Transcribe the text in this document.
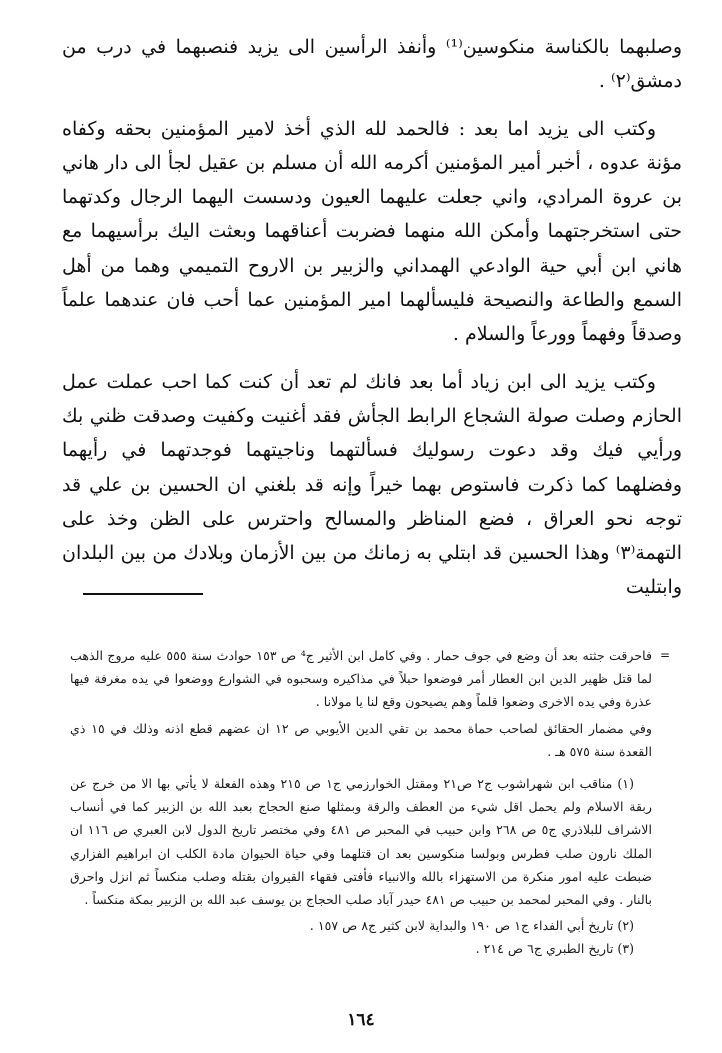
وصلبهما بالكناسة منكوسين⁽¹⁾ وأنفذ الرأسين الى يزيد فنصبهما في درب من دمشق⁽٢⁾ .

وكتب الى يزيد اما بعد : فالحمد لله الذي أخذ لامير المؤمنين بحقه وكفاه مؤنة عدوه ، أخبر أمير المؤمنين أكرمه الله أن مسلم بن عقيل لجأ الى دار هاني بن عروة المرادي، واني جعلت عليهما العيون ودسست اليهما الرجال وكدتهما حتى استخرجتهما وأمكن الله منهما فضربت أعناقهما وبعثت اليك برأسيهما مع هاني ابن أبي حية الوادعي الهمداني والزبير بن الاروح التميمي وهما من أهل السمع والطاعة والنصيحة فليسألهما امير المؤمنين عما أحب فان عندهما علماً وصدقاً وفهماً وورعاً والسلام .

وكتب يزيد الى ابن زياد أما بعد فانك لم تعد أن كنت كما احب عملت عمل الحازم وصلت صولة الشجاع الرابط الجأش فقد أغنيت وكفيت وصدقت ظني بك ورأيي فيك وقد دعوت رسوليك فسألتهما وناجيتهما فوجدتهما في رأيهما وفضلهما كما ذكرت فاستوص بهما خيراً وإنه قد بلغني ان الحسين بن علي قد توجه نحو العراق ، فضع المناظر والمسالح واحترس على الظن وخذ على التهمة⁽٣⁾ وهذا الحسين قد ابتلي به زمانك من بين الأزمان وبلادك من بين البلدان وابتليت

=
فاحرقت جثته بعد أن وضع في جوف حمار . وفي كامل ابن الأثير ج⁴ ص ١٥٣ حوادث سنة ٥٥٥ عليه مروج الذهب لما قتل ظهير الدين ابن العطار أمر فوضعوا حبلاً في مذاكيره وسحبوه في الشوارع ووضعوا في يده مغرفة فيها عذرة وفي يده الاخرى وضعوا قلماً وهم يصيحون وقع لنا يا مولانا .

وفي مضمار الحقائق لصاحب حماة محمد بن تقي الدين الأيوبي ص ١٢ ان عضهم قطع اذنه وذلك في ١٥ ذي القعدة سنة ٥٧٥ هـ .

(١) مناقب ابن شهراشوب ج٢ ص٢١ ومقتل الخوارزمي ج١ ص ٢١٥ وهذه الفعلة لا يأتي بها الا من خرج عن ربقة الاسلام ولم يحمل اقل شيء من العطف والرقة وبمثلها صنع الحجاج بعبد الله بن الزبير كما في أنساب الاشراف للبلاذري ج٥ ص ٢٦٨ وابن حبيب في المحبر ص ٤٨١ وفي مختصر تاريخ الدول لابن العبري ص ١١٦ ان الملك نارون صلب فطرس وبولسا منكوسين بعد ان قتلهما وفي حياة الحيوان مادة الكلب ان ابراهيم الفزاري ضبطت عليه امور منكرة من الاستهزاء بالله والانبياء فأفتى فقهاء القيروان بقتله وصلب منكساً ثم انزل واحرق بالنار . وفي المحبر لمحمد بن حبيب ص ٤٨١ حيدر آباد صلب الحجاج بن يوسف عبد الله بن الزبير بمكة منكساً .

(٢) تاريخ أبي الفداء ج١ ص ١٩٠ والبداية لابن كثير ج٨ ص ١٥٧ .

(٣) تاريخ الطبري ج٦ ص ٢١٤ .

١٦٤
